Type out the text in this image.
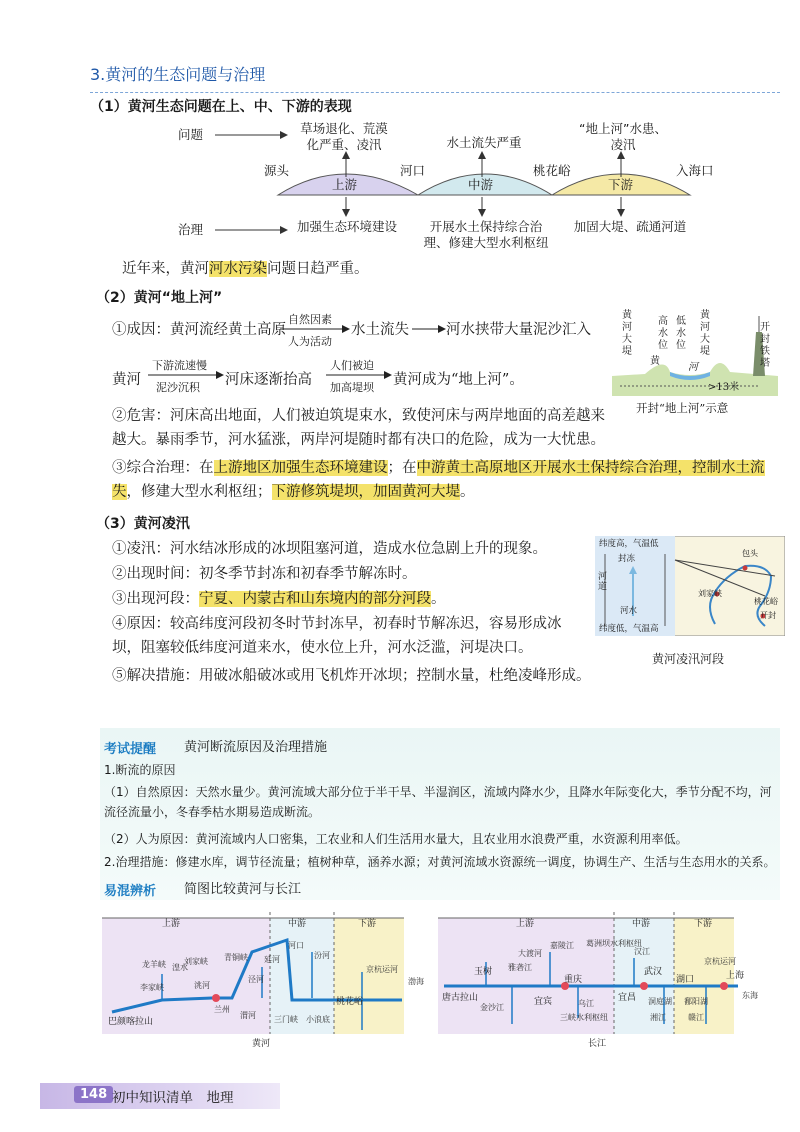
3.黄河的生态问题与治理
（1）黄河生态问题在上、中、下游的表现
问题
治理
源头	河口	桃花峪	入海口
上游	中游	下游
草场退化、荒漠化严重、凌汛	水土流失严重
“地上河”水患、凌汛
加强生态环境建设	开展水土保持综合治理、修建大型水利枢纽
加固大堤、疏通河道
近年来，黄河河水污染问题日趋严重。
（2）黄河“地上河”
①成因：黄河流经黄土高原
自然因素
人为活动
水土流失	河水挟带大量泥沙汇入
黄河
下游流速慢
泥沙沉积 河床逐渐抬高
人们被迫
加高堤坝 黄河成为“地上河”。
黄河大堤
高水位
低水位
黄河大堤
开封铁塔
黄
河
>13米
开封“地上河”示意
②危害：河床高出地面，人们被迫筑堤束水，致使河床与两岸地面的高差越来越大。暴雨季节，河水猛涨，两岸河堤随时都有决口的危险，成为一大忧患。
③综合治理：在上游地区加强生态环境建设；在中游黄土高原地区开展水土保持综合治理，控制水土流失，修建大型水利枢纽；下游修筑堤坝，加固黄河大堤。
（3）黄河凌汛
①凌汛：河水结冰形成的冰坝阻塞河道，造成水位急剧上升的现象。
②出现时间：初冬季节封冻和初春季节解冻时。
③出现河段：宁夏、内蒙古和山东境内的部分河段。
④原因：较高纬度河段初冬时节封冻早，初春时节解冻迟，容易形成冰坝，阻塞较低纬度河道来水，使水位上升，河水泛滥，河堤决口。
⑤解决措施：用破冰船破冰或用飞机炸开冰坝；控制水量，杜绝凌峰形成。
纬度高，气温低
纬度低，气温高
河道
封冻
河水
包头
刘家峡
桃花峪
开封
黄河凌汛河段
考试提醒 黄河断流原因及治理措施
1.断流的原因
（1）自然原因：天然水量少。黄河流域大部分位于半干旱、半湿润区，流域内降水少，且降水年际变化大，季节分配不均，河流径流量小，冬春季枯水期易造成断流。
（2）人为原因：黄河流域内人口密集，工农业和人们生活用水量大，且农业用水浪费严重，水资源利用率低。
2.治理措施：修建水库，调节径流量；植树种草，涵养水源；对黄河流域水资源统一调度，协调生产、生活与生态用水的关系。
易混辨析 简图比较黄河与长江
上游	中游	下游
巴颜喀拉山
龙羊峡 刘家峡 青铜峡
兰州
湟水
洮河
河口
汾河
渭河 三门峡 小浪底
桃花峪
京杭运河
渤海
延河
泾河
李家峡
黄河
上游	中游	下游
唐古拉山
玉树
金沙江
大渡河
雅砻江
嘉陵江
宜宾
重庆
乌江
葛洲坝水利枢纽
三峡水利枢纽
宜昌
汉江
武汉
洞庭湖
湘江
湖口
鄱阳湖
赣江
京杭运河
上海
东海
长江
148 初中知识清单　地理
